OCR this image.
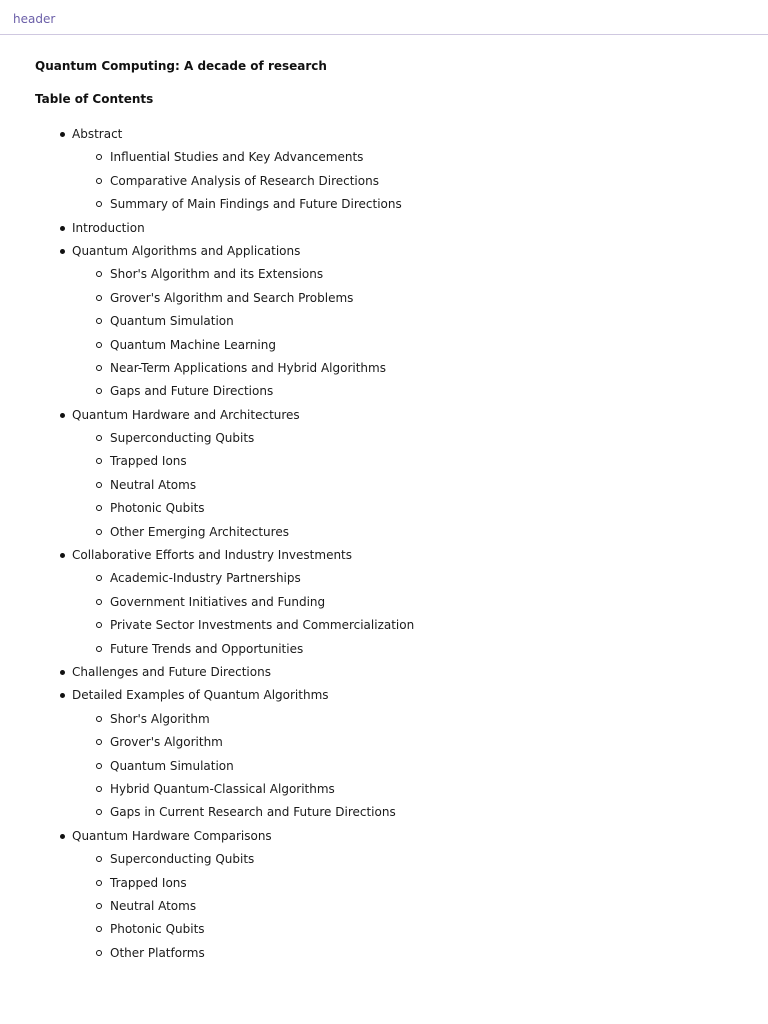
header
Quantum Computing: A decade of research
Table of Contents
Abstract
Influential Studies and Key Advancements
Comparative Analysis of Research Directions
Summary of Main Findings and Future Directions
Introduction
Quantum Algorithms and Applications
Shor's Algorithm and its Extensions
Grover's Algorithm and Search Problems
Quantum Simulation
Quantum Machine Learning
Near-Term Applications and Hybrid Algorithms
Gaps and Future Directions
Quantum Hardware and Architectures
Superconducting Qubits
Trapped Ions
Neutral Atoms
Photonic Qubits
Other Emerging Architectures
Collaborative Efforts and Industry Investments
Academic-Industry Partnerships
Government Initiatives and Funding
Private Sector Investments and Commercialization
Future Trends and Opportunities
Challenges and Future Directions
Detailed Examples of Quantum Algorithms
Shor's Algorithm
Grover's Algorithm
Quantum Simulation
Hybrid Quantum-Classical Algorithms
Gaps in Current Research and Future Directions
Quantum Hardware Comparisons
Superconducting Qubits
Trapped Ions
Neutral Atoms
Photonic Qubits
Other Platforms
